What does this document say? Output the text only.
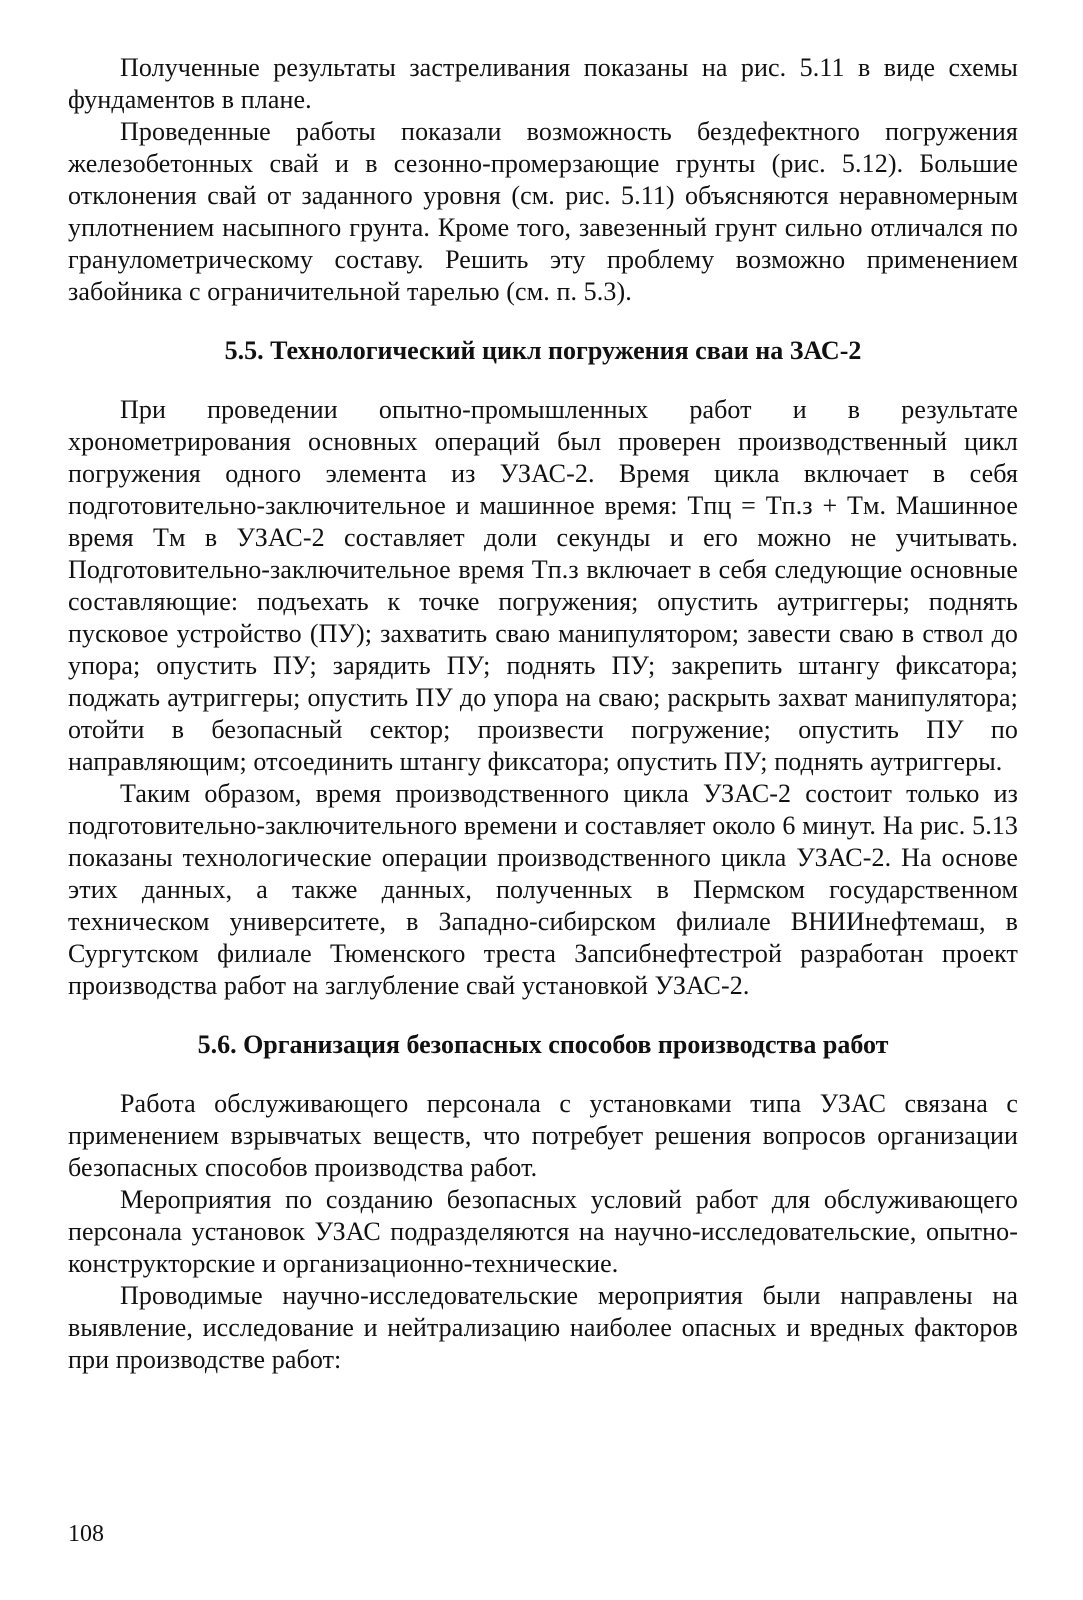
Полученные результаты застреливания показаны на рис. 5.11 в виде схемы фундаментов в плане.

Проведенные работы показали возможность бездефектного погружения железобетонных свай и в сезонно-промерзающие грунты (рис. 5.12). Большие отклонения свай от заданного уровня (см. рис. 5.11) объясняются неравномерным уплотнением насыпного грунта. Кроме того, завезенный грунт сильно отличался по гранулометрическому составу. Решить эту проблему возможно применением забойника с ограничительной тарелью (см. п. 5.3).

5.5. Технологический цикл погружения сваи на ЗАС-2

При проведении опытно-промышленных работ и в результате хронометрирования основных операций был проверен производственный цикл погружения одного элемента из УЗАС-2. Время цикла включает в себя подготовительно-заключительное и машинное время: Tпц = Tп.з + Tм. Машинное время Tм в УЗАС-2 составляет доли секунды и его можно не учитывать. Подготовительно-заключительное время Tп.з включает в себя следующие основные составляющие: подъехать к точке погружения; опустить аутриггеры; поднять пусковое устройство (ПУ); захватить сваю манипулятором; завести сваю в ствол до упора; опустить ПУ; зарядить ПУ; поднять ПУ; закрепить штангу фиксатора; поджать аутриггеры; опустить ПУ до упора на сваю; раскрыть захват манипулятора; отойти в безопасный сектор; произвести погружение; опустить ПУ по направляющим; отсоединить штангу фиксатора; опустить ПУ; поднять аутриггеры.

Таким образом, время производственного цикла УЗАС-2 состоит только из подготовительно-заключительного времени и составляет около 6 минут. На рис. 5.13 показаны технологические операции производственного цикла УЗАС-2. На основе этих данных, а также данных, полученных в Пермском государственном техническом университете, в Западно-сибирском филиале ВНИИнефтемаш, в Сургутском филиале Тюменского треста Запсибнефтестрой разработан проект производства работ на заглубление свай установкой УЗАС-2.

5.6. Организация безопасных способов производства работ

Работа обслуживающего персонала с установками типа УЗАС связана с применением взрывчатых веществ, что потребует решения вопросов организации безопасных способов производства работ.

Мероприятия по созданию безопасных условий работ для обслуживающего персонала установок УЗАС подразделяются на научно-исследовательские, опытно-конструкторские и организационно-технические.

Проводимые научно-исследовательские мероприятия были направлены на выявление, исследование и нейтрализацию наиболее опасных и вредных факторов при производстве работ:

108
